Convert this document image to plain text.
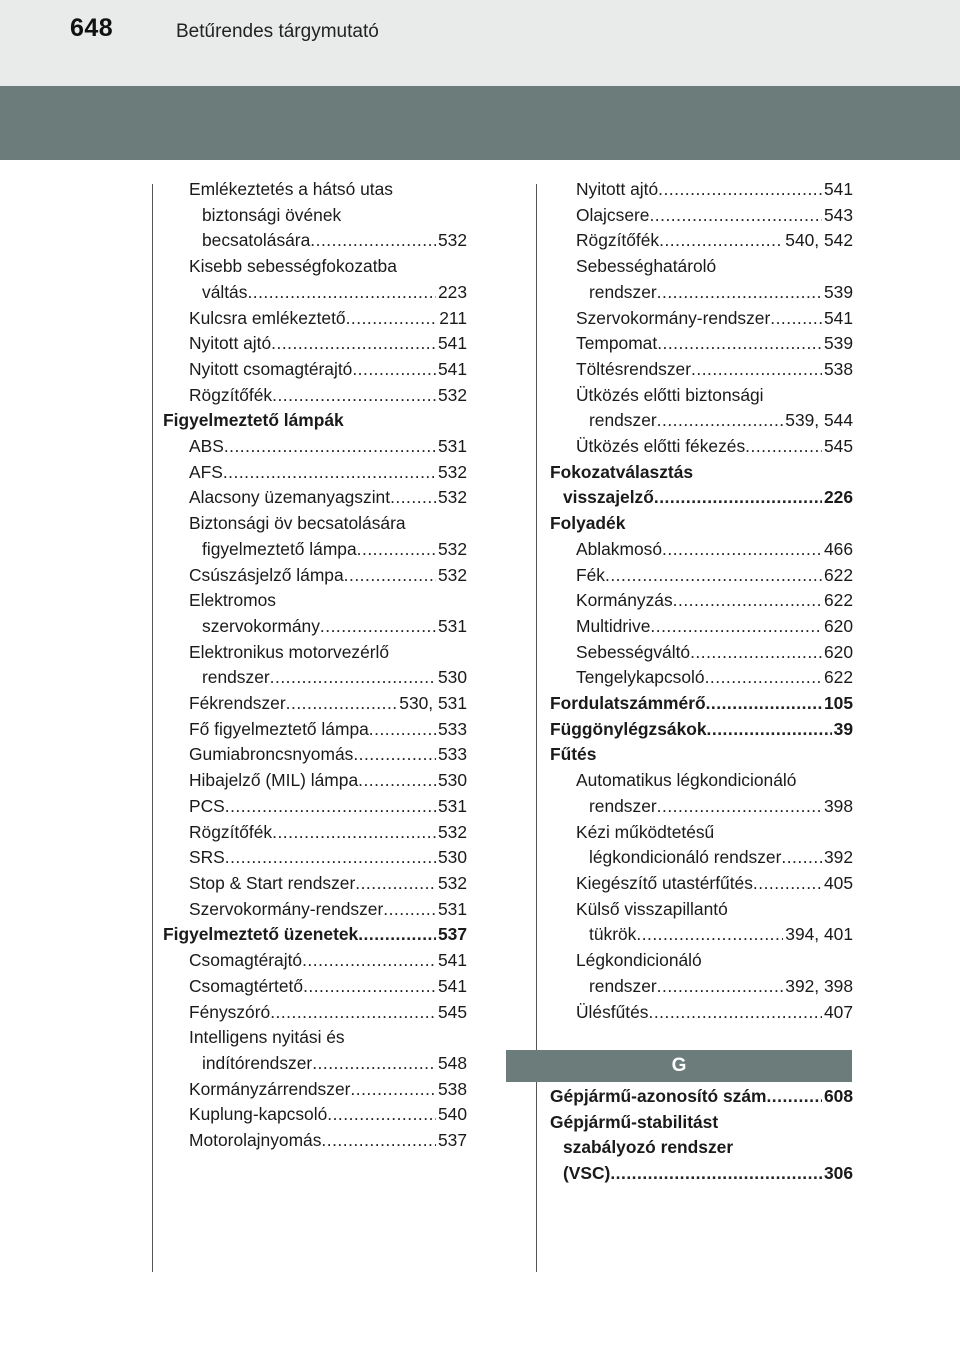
648	Betűrendes tárgymutató
Emlékeztetés a hátsó utas
biztonsági övének
becsatolására .....	532
Kisebb sebességfokozatba
váltás .....	223
Kulcsra emlékeztető .....	211
Nyitott ajtó .....	541
Nyitott csomagtérajtó .....	541
Rögzítőfék .....	532
Figyelmeztető lámpák
ABS .....	531
AFS .....	532
Alacsony üzemanyagszint .....	532
Biztonsági öv becsatolására
figyelmeztető lámpa .....	532
Csúszásjelző lámpa .....	532
Elektromos
szervokormány .....	531
Elektronikus motorvezérlő
rendszer .....	530
Fékrendszer .....	530, 531
Fő figyelmeztető lámpa .....	533
Gumiabroncsnyomás .....	533
Hibajelző (MIL) lámpa .....	530
PCS .....	531
Rögzítőfék .....	532
SRS .....	530
Stop & Start rendszer .....	532
Szervokormány-rendszer .....	531
Figyelmeztető üzenetek .....	537
Csomagtérajtó .....	541
Csomagtértető .....	541
Fényszóró .....	545
Intelligens nyitási és
indítórendszer .....	548
Kormányzárrendszer .....	538
Kuplung-kapcsoló .....	540
Motorolajnyomás .....	537
Nyitott ajtó .....	541
Olajcsere .....	543
Rögzítőfék .....	540, 542
Sebességhatároló
rendszer .....	539
Szervokormány-rendszer .....	541
Tempomat .....	539
Töltésrendszer .....	538
Ütközés előtti biztonsági
rendszer .....	539, 544
Ütközés előtti fékezés .....	545
Fokozatválasztás
visszajelző .....	226
Folyadék
Ablakmosó .....	466
Fék .....	622
Kormányzás .....	622
Multidrive .....	620
Sebességváltó .....	620
Tengelykapcsoló .....	622
Fordulatszámmérő .....	105
Függönylégzsákok .....	39
Fűtés
Automatikus légkondicionáló
rendszer .....	398
Kézi működtetésű
légkondicionáló rendszer ..... 392
Kiegészítő utastérfűtés .....	405
Külső visszapillantó
tükrök .....	394, 401
Légkondicionáló
rendszer .....	392, 398
Ülésfűtés .....	407
G
Gépjármű-azonosító szám .....	608
Gépjármű-stabilitást
szabályozó rendszer
(VSC) .....	306
